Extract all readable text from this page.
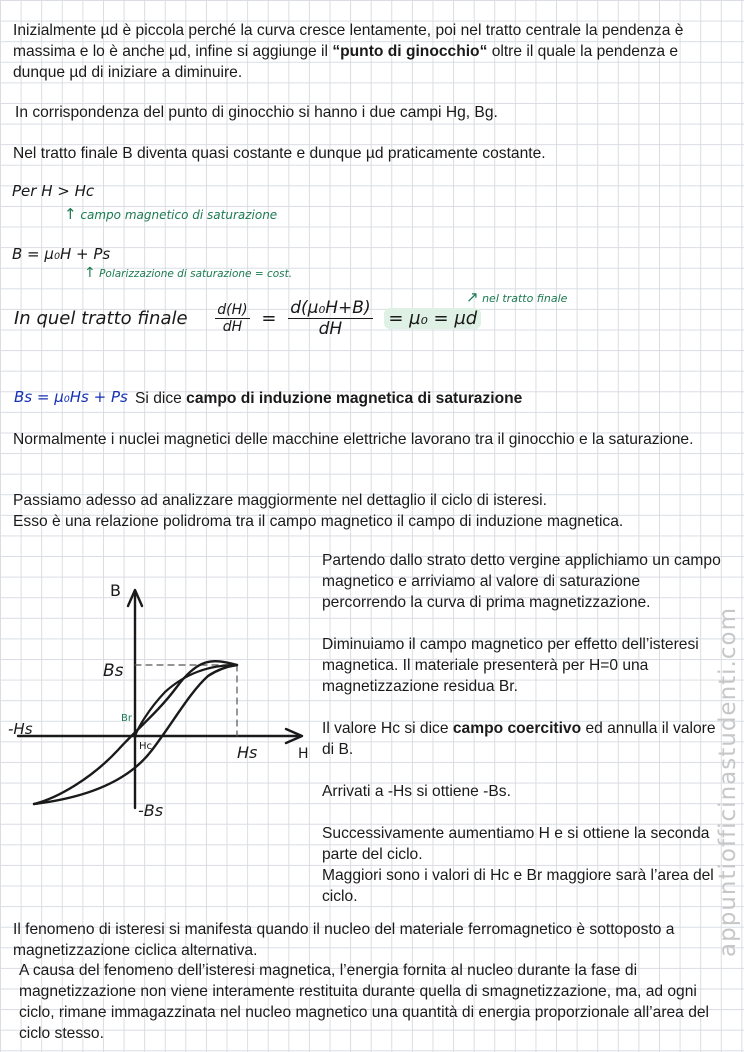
Inizialmente µd è piccola perché la curva cresce lentamente, poi nel tratto centrale la pendenza è massima e lo è anche µd, infine si aggiunge il “punto di ginocchio“ oltre il quale la pendenza e dunque µd di iniziare a diminuire.
In corrispondenza del punto di ginocchio si hanno i due campi Hg, Bg.
Nel tratto finale B diventa quasi costante e dunque µd praticamente costante.
Per H > Hc
↑ campo magnetico di saturazione
B = µ₀H + Ps
↑ Polarizzazione di saturazione = cost.
In quel tratto finale $\frac{d(H)}{dH} = \frac{\text{d(µ₀H+B)}}{dH} = \mu_0 = \mu d$
↗ nel tratto finale
Bs = µ₀Hs + Ps Si dice campo di induzione magnetica di saturazione
Normalmente i nuclei magnetici delle macchine elettriche lavorano tra il ginocchio e la saturazione.
Passiamo adesso ad analizzare maggiormente nel dettaglio il ciclo di isteresi.
Esso è una relazione polidroma tra il campo magnetico il campo di induzione magnetica.
B
H
Bs
Hs
-Hs
-Bs
Br
Hc
Partendo dallo strato detto vergine applichiamo un campo magnetico e arriviamo al valore di saturazione percorrendo la curva di prima magnetizzazione.
Diminuiamo il campo magnetico per effetto dell’isteresi magnetica. Il materiale presenterà per H=0 una magnetizzazione residua Br.
Il valore Hc si dice campo coercitivo ed annulla il valore di B.
Arrivati a -Hs si ottiene -Bs.
Successivamente aumentiamo H e si ottiene la seconda parte del ciclo.
Maggiori sono i valori di Hc e Br maggiore sarà l’area del ciclo.
Il fenomeno di isteresi si manifesta quando il nucleo del materiale ferromagnetico è sottoposto a magnetizzazione ciclica alternativa.
A causa del fenomeno dell’isteresi magnetica, l’energia fornita al nucleo durante la fase di magnetizzazione non viene interamente restituita durante quella di smagnetizzazione, ma, ad ogni ciclo, rimane immagazzinata nel nucleo magnetico una quantità di energia proporzionale all’area del ciclo stesso.
appuntiofficinastudenti.com
